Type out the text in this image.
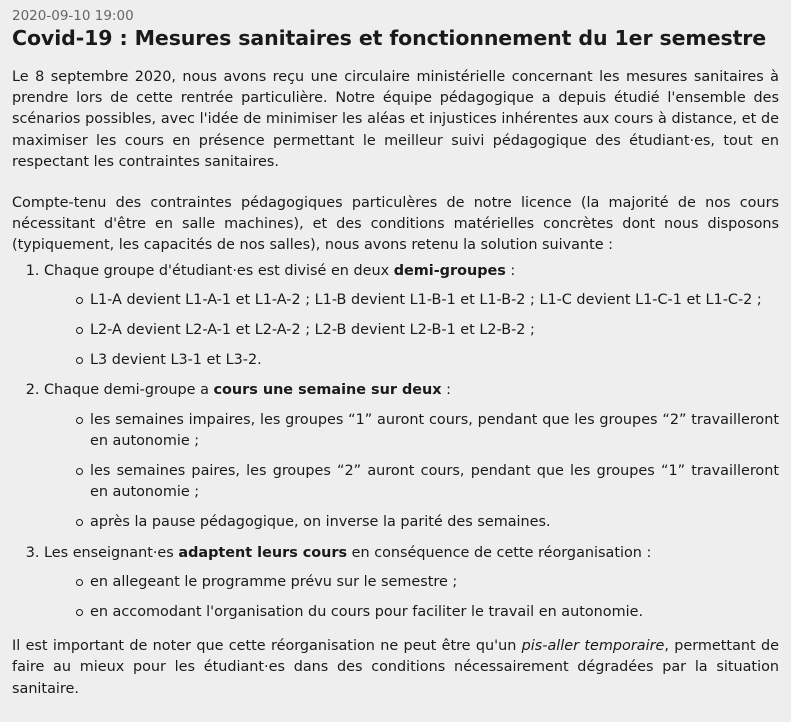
2020-09-10 19:00
Covid-19 : Mesures sanitaires et fonctionnement du 1er semestre

Le 8 septembre 2020, nous avons reçu une circulaire ministérielle concernant les mesures sanitaires à prendre lors de cette rentrée particulière. Notre équipe pédagogique a depuis étudié l'ensemble des scénarios possibles, avec l'idée de minimiser les aléas et injustices inhérentes aux cours à distance, et de maximiser les cours en présence permettant le meilleur suivi pédagogique des étudiant·es, tout en respectant les contraintes sanitaires.

Compte-tenu des contraintes pédagogiques particulères de notre licence (la majorité de nos cours nécessitant d'être en salle machines), et des conditions matérielles concrètes dont nous disposons (typiquement, les capacités de nos salles), nous avons retenu la solution suivante :

1. Chaque groupe d'étudiant·es est divisé en deux demi-groupes :
L1-A devient L1-A-1 et L1-A-2 ; L1-B devient L1-B-1 et L1-B-2 ; L1-C devient L1-C-1 et L1-C-2 ;
L2-A devient L2-A-1 et L2-A-2 ; L2-B devient L2-B-1 et L2-B-2 ;
L3 devient L3-1 et L3-2.
2. Chaque demi-groupe a cours une semaine sur deux :
les semaines impaires, les groupes “1” auront cours, pendant que les groupes “2” travailleront en autonomie ;
les semaines paires, les groupes “2” auront cours, pendant que les groupes “1” travailleront en autonomie ;
après la pause pédagogique, on inverse la parité des semaines.
3. Les enseignant·es adaptent leurs cours en conséquence de cette réorganisation :
en allegeant le programme prévu sur le semestre ;
en accomodant l'organisation du cours pour faciliter le travail en autonomie.

Il est important de noter que cette réorganisation ne peut être qu'un pis-aller temporaire, permettant de faire au mieux pour les étudiant·es dans des conditions nécessairement dégradées par la situation sanitaire.
